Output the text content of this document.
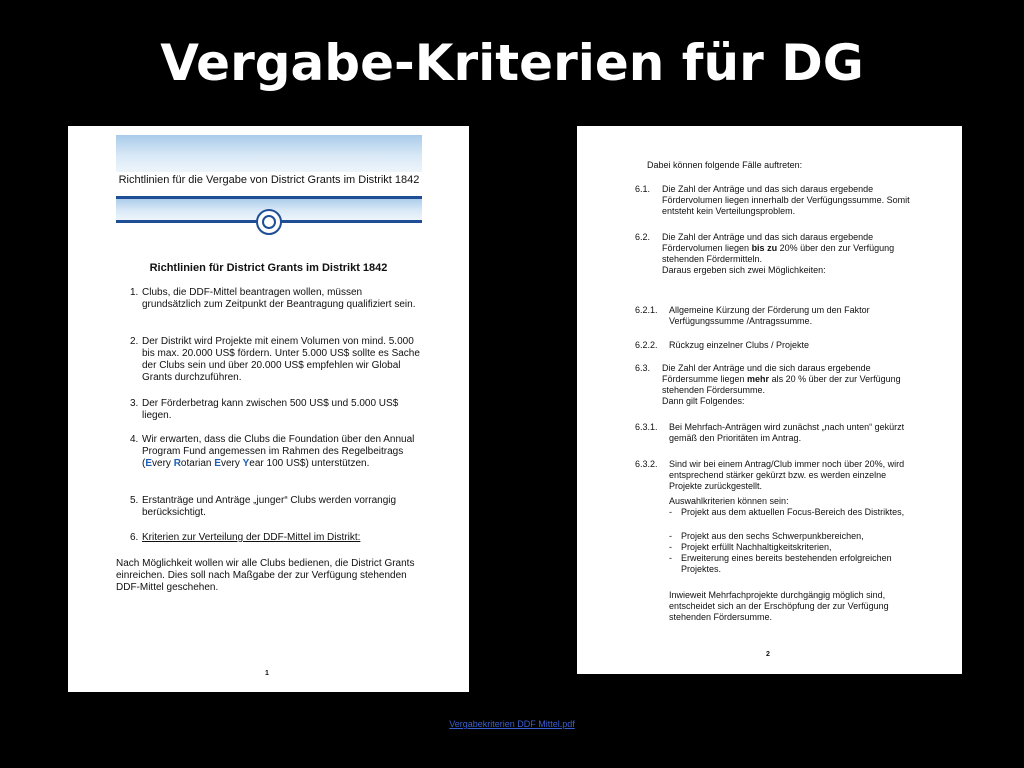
Vergabe-Kriterien für DG
Richtlinien für die Vergabe von District Grants im Distrikt 1842
Richtlinien für District Grants im Distrikt 1842
1. Clubs, die DDF-Mittel beantragen wollen, müssen grundsätzlich zum Zeitpunkt der Beantragung qualifiziert sein.
2. Der Distrikt wird Projekte mit einem Volumen von mind. 5.000 bis max. 20.000 US$ fördern. Unter 5.000 US$ sollte es Sache der Clubs sein und über 20.000 US$ empfehlen wir Global Grants durchzuführen.
3. Der Förderbetrag kann zwischen 500 US$ und 5.000 US$ liegen.
4. Wir erwarten, dass die Clubs die Foundation über den Annual Program Fund angemessen im Rahmen des Regelbeitrags (Every Rotarian Every Year 100 US$) unterstützen.
5. Erstanträge und Anträge „junger“ Clubs werden vorrangig berücksichtigt.
6. Kriterien zur Verteilung der DDF-Mittel im Distrikt:
Nach Möglichkeit wollen wir alle Clubs bedienen, die District Grants einreichen. Dies soll nach Maßgabe der zur Verfügung stehenden DDF-Mittel geschehen.
1
Dabei können folgende Fälle auftreten:
6.1. Die Zahl der Anträge und das sich daraus ergebende Fördervolumen liegen innerhalb der Verfügungssumme. Somit entsteht kein Verteilungsproblem.
6.2. Die Zahl der Anträge und das sich daraus ergebende Fördervolumen liegen bis zu 20% über den zur Verfügung stehenden Fördermitteln.
Daraus ergeben sich zwei Möglichkeiten:
6.2.1. Allgemeine Kürzung der Förderung um den Faktor Verfügungssumme /Antragssumme.
6.2.2. Rückzug einzelner Clubs / Projekte
6.3. Die Zahl der Anträge und die sich daraus ergebende Fördersumme liegen mehr als 20 % über der zur Verfügung stehenden Fördersumme.
Dann gilt Folgendes:
6.3.1. Bei Mehrfach-Anträgen wird zunächst „nach unten“ gekürzt gemäß den Prioritäten im Antrag.
6.3.2. Sind wir bei einem Antrag/Club immer noch über 20%, wird entsprechend stärker gekürzt bzw. es werden einzelne Projekte zurückgestellt.
Auswahlkriterien können sein:
-	Projekt aus dem aktuellen Focus-Bereich des Distriktes,
-	Projekt aus den sechs Schwerpunkbereichen,
-	Projekt erfüllt Nachhaltigkeitskriterien,
-	Erweiterung eines bereits bestehenden erfolgreichen Projektes.
Inwieweit Mehrfachprojekte durchgängig möglich sind, entscheidet sich an der Erschöpfung der zur Verfügung stehenden Fördersumme.
2
Vergabekriterien DDF Mittel.pdf
